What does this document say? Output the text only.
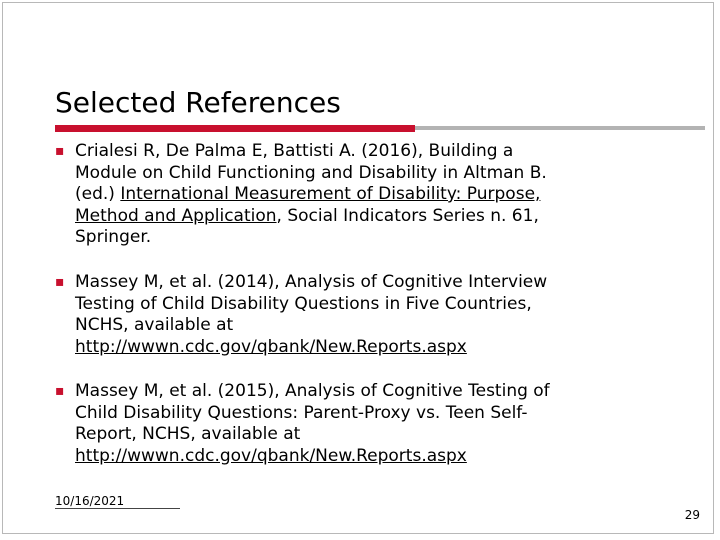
Selected References
▪ Crialesi R, De Palma E, Battisti A. (2016), Building a
Module on Child Functioning and Disability in Altman B.
(ed.) International Measurement of Disability: Purpose,
Method and Application, Social Indicators Series n. 61,
Springer.
▪ Massey M, et al. (2014), Analysis of Cognitive Interview
Testing of Child Disability Questions in Five Countries,
NCHS, available at
http://wwwn.cdc.gov/qbank/New.Reports.aspx
▪ Massey M, et al. (2015), Analysis of Cognitive Testing of
Child Disability Questions: Parent-Proxy vs. Teen Self-
Report, NCHS, available at
http://wwwn.cdc.gov/qbank/New.Reports.aspx
10/16/2021
29
